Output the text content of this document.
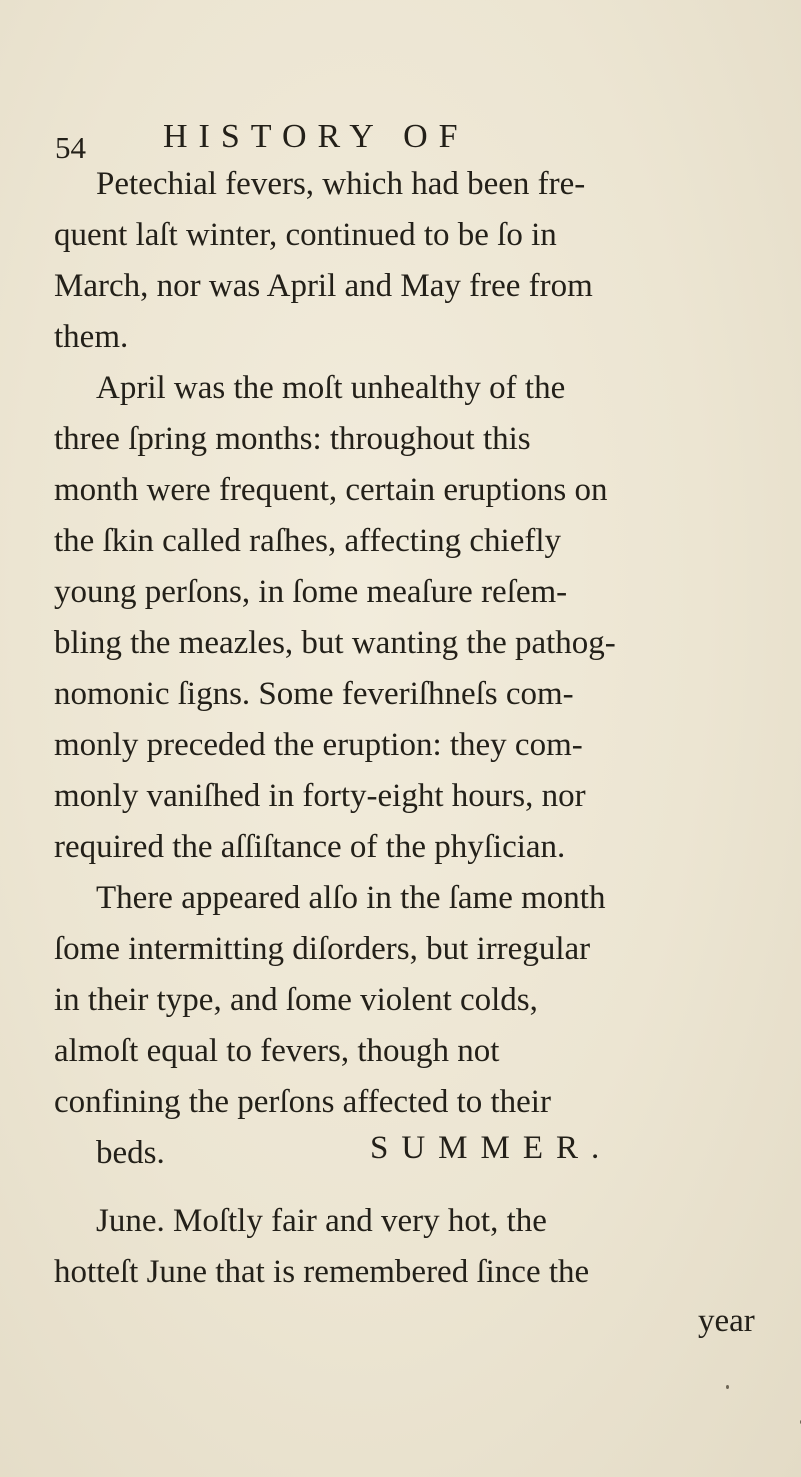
54 HISTORY OF
Petechial fevers, which had been fre-
quent laſt winter, continued to be ſo in
March, nor was April and May free from
them.
April was the moſt unhealthy of the
three ſpring months: throughout this
month were frequent, certain eruptions on
the ſkin called raſhes, affecting chiefly
young perſons, in ſome meaſure reſem-
bling the meazles, but wanting the pathog-
nomonic ſigns. Some feveriſhneſs com-
monly preceded the eruption: they com-
monly vaniſhed in forty-eight hours, nor
required the aſſiſtance of the phyſician.
There appeared alſo in the ſame month
ſome intermitting diſorders, but irregular
in their type, and ſome violent colds,
almoſt equal to fevers, though not
confining the perſons affected to their
beds.	SUMMER.
June. Moſtly fair and very hot, the
hotteſt June that is remembered ſince the
year
